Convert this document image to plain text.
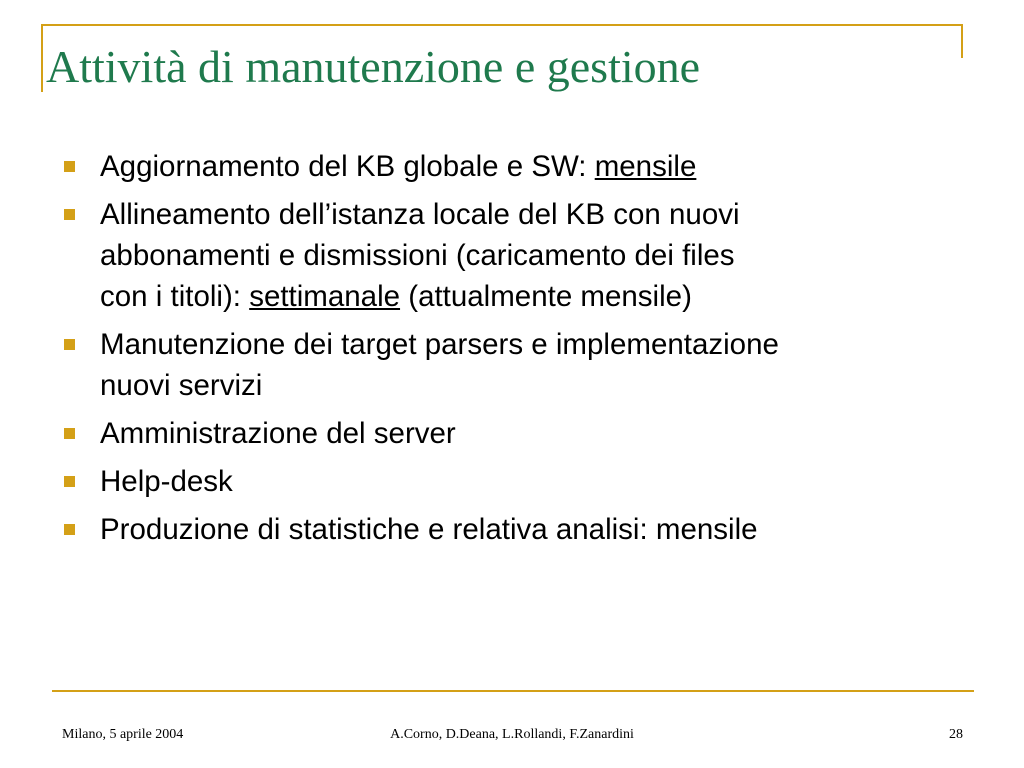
Attività di manutenzione e gestione
Aggiornamento del KB globale e SW: mensile
Allineamento dell’istanza locale del KB con nuovi
abbonamenti e dismissioni (caricamento dei files
con i titoli): settimanale (attualmente mensile)
Manutenzione dei target parsers e implementazione
nuovi servizi
Amministrazione del server
Help-desk
Produzione di statistiche e relativa analisi: mensile
Milano, 5 aprile 2004	A.Corno, D.Deana, L.Rollandi, F.Zanardini	28
